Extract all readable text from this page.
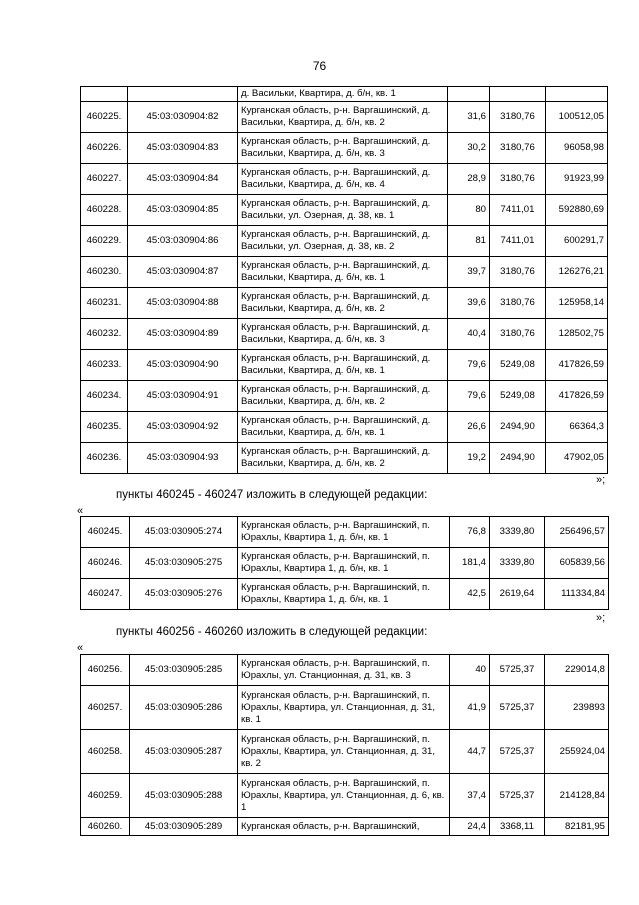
76
		д. Васильки, Квартира, д. б/н, кв. 1			
460225.	45:03:030904:82	Курганская область, р-н. Варгашинский, д. Васильки, Квартира, д. б/н, кв. 2	31,6	3180,76	100512,05
460226.	45:03:030904:83	Курганская область, р-н. Варгашинский, д. Васильки, Квартира, д. б/н, кв. 3	30,2	3180,76	96058,98
460227.	45:03:030904:84	Курганская область, р-н. Варгашинский, д. Васильки, Квартира, д. б/н, кв. 4	28,9	3180,76	91923,99
460228.	45:03:030904:85	Курганская область, р-н. Варгашинский, д. Васильки, ул. Озерная, д. 38, кв. 1	80	7411,01	592880,69
460229.	45:03:030904:86	Курганская область, р-н. Варгашинский, д. Васильки, ул. Озерная, д. 38, кв. 2	81	7411,01	600291,7
460230.	45:03:030904:87	Курганская область, р-н. Варгашинский, д. Васильки, Квартира, д. б/н, кв. 1	39,7	3180,76	126276,21
460231.	45:03:030904:88	Курганская область, р-н. Варгашинский, д. Васильки, Квартира, д. б/н, кв. 2	39,6	3180,76	125958,14
460232.	45:03:030904:89	Курганская область, р-н. Варгашинский, д. Васильки, Квартира, д. б/н, кв. 3	40,4	3180,76	128502,75
460233.	45:03:030904:90	Курганская область, р-н. Варгашинский, д. Васильки, Квартира, д. б/н, кв. 1	79,6	5249,08	417826,59
460234.	45:03:030904:91	Курганская область, р-н. Варгашинский, д. Васильки, Квартира, д. б/н, кв. 2	79,6	5249,08	417826,59
460235.	45:03:030904:92	Курганская область, р-н. Варгашинский, д. Васильки, Квартира, д. б/н, кв. 1	26,6	2494,90	66364,3
460236.	45:03:030904:93	Курганская область, р-н. Варгашинский, д. Васильки, Квартира, д. б/н, кв. 2	19,2	2494,90	47902,05
»;
пункты 460245 - 460247 изложить в следующей редакции:
«
460245.	45:03:030905:274	Курганская область, р-н. Варгашинский, п. Юрахлы, Квартира 1, д. б/н, кв. 1	76,8	3339,80	256496,57
460246.	45:03:030905:275	Курганская область, р-н. Варгашинский, п. Юрахлы, Квартира 1, д. б/н, кв. 1	181,4	3339,80	605839,56
460247.	45:03:030905:276	Курганская область, р-н. Варгашинский, п. Юрахлы, Квартира 1, д. б/н, кв. 1	42,5	2619,64	111334,84
»;
пункты 460256 - 460260 изложить в следующей редакции:
«
460256.	45:03:030905:285	Курганская область, р-н. Варгашинский, п. Юрахлы, ул. Станционная, д. 31, кв. 3	40	5725,37	229014,8
460257.	45:03:030905:286	Курганская область, р-н. Варгашинский, п. Юрахлы, Квартира, ул. Станционная, д. 31, кв. 1	41,9	5725,37	239893
460258.	45:03:030905:287	Курганская область, р-н. Варгашинский, п. Юрахлы, Квартира, ул. Станционная, д. 31, кв. 2	44,7	5725,37	255924,04
460259.	45:03:030905:288	Курганская область, р-н. Варгашинский, п. Юрахлы, Квартира, ул. Станционная, д. 6, кв. 1	37,4	5725,37	214128,84
460260.	45:03:030905:289	Курганская область, р-н. Варгашинский,	24,4	3368,11	82181,95
